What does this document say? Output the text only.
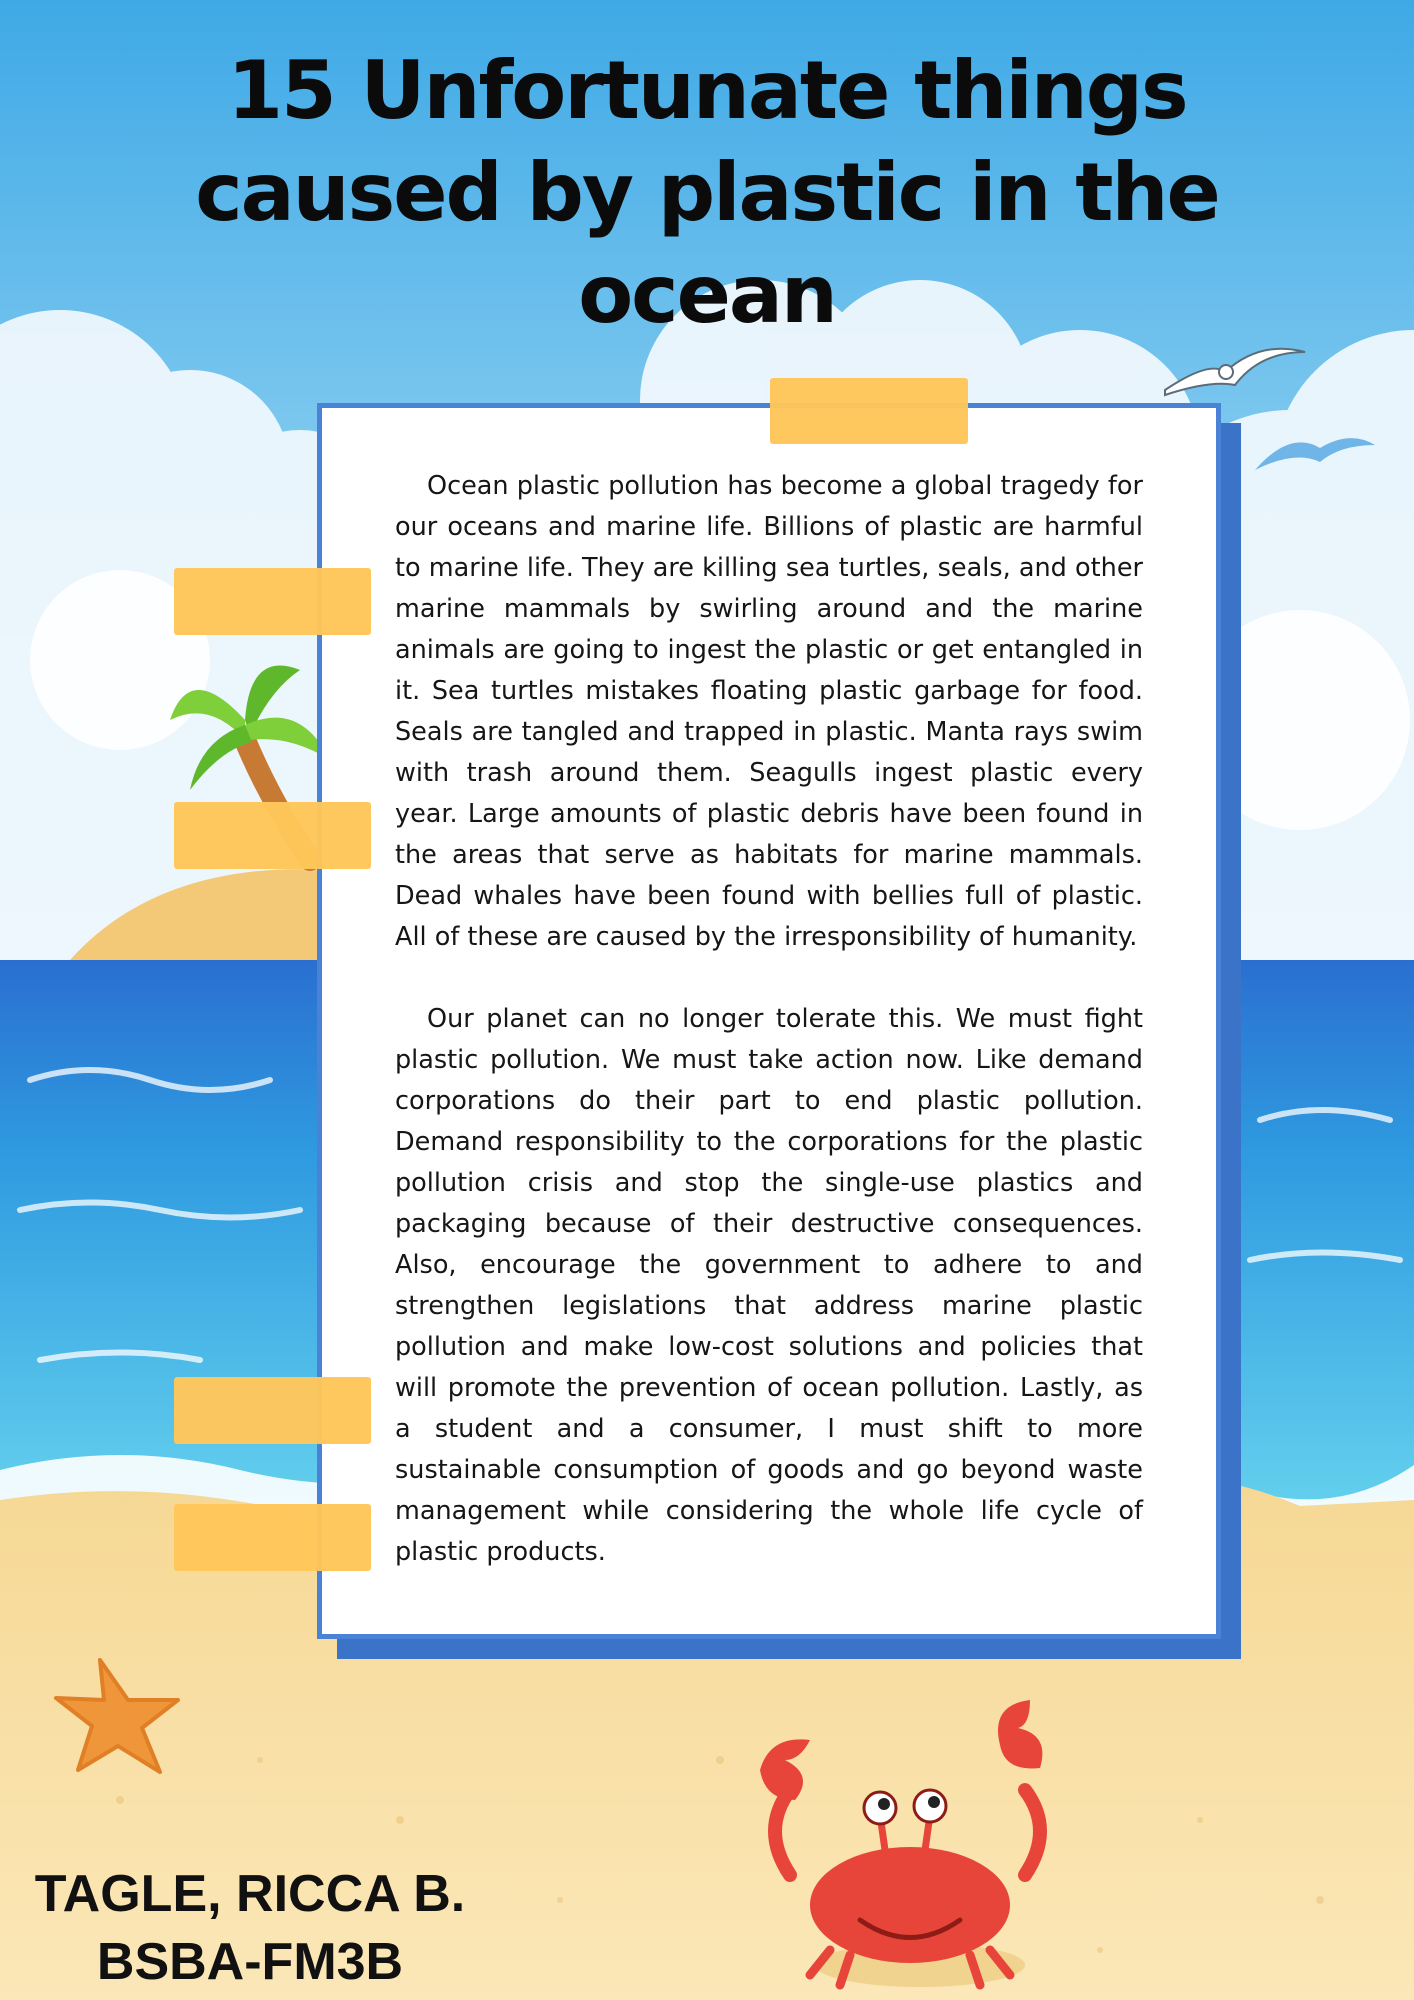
15 Unfortunate things caused by plastic in the ocean

Ocean plastic pollution has become a global tragedy for our oceans and marine life. Billions of plastic are harmful to marine life. They are killing sea turtles, seals, and other marine mammals by swirling around and the marine animals are going to ingest the plastic or get entangled in it. Sea turtles mistakes floating plastic garbage for food. Seals are tangled and trapped in plastic. Manta rays swim with trash around them. Seagulls ingest plastic every year. Large amounts of plastic debris have been found in the areas that serve as habitats for marine mammals. Dead whales have been found with bellies full of plastic. All of these are caused by the irresponsibility of humanity.

Our planet can no longer tolerate this. We must fight plastic pollution. We must take action now. Like demand corporations do their part to end plastic pollution. Demand responsibility to the corporations for the plastic pollution crisis and stop the single-use plastics and packaging because of their destructive consequences. Also, encourage the government to adhere to and strengthen legislations that address marine plastic pollution and make low-cost solutions and policies that will promote the prevention of ocean pollution. Lastly, as a student and a consumer, I must shift to more sustainable consumption of goods and go beyond waste management while considering the whole life cycle of plastic products.

TAGLE, RICCA B.
BSBA-FM3B
